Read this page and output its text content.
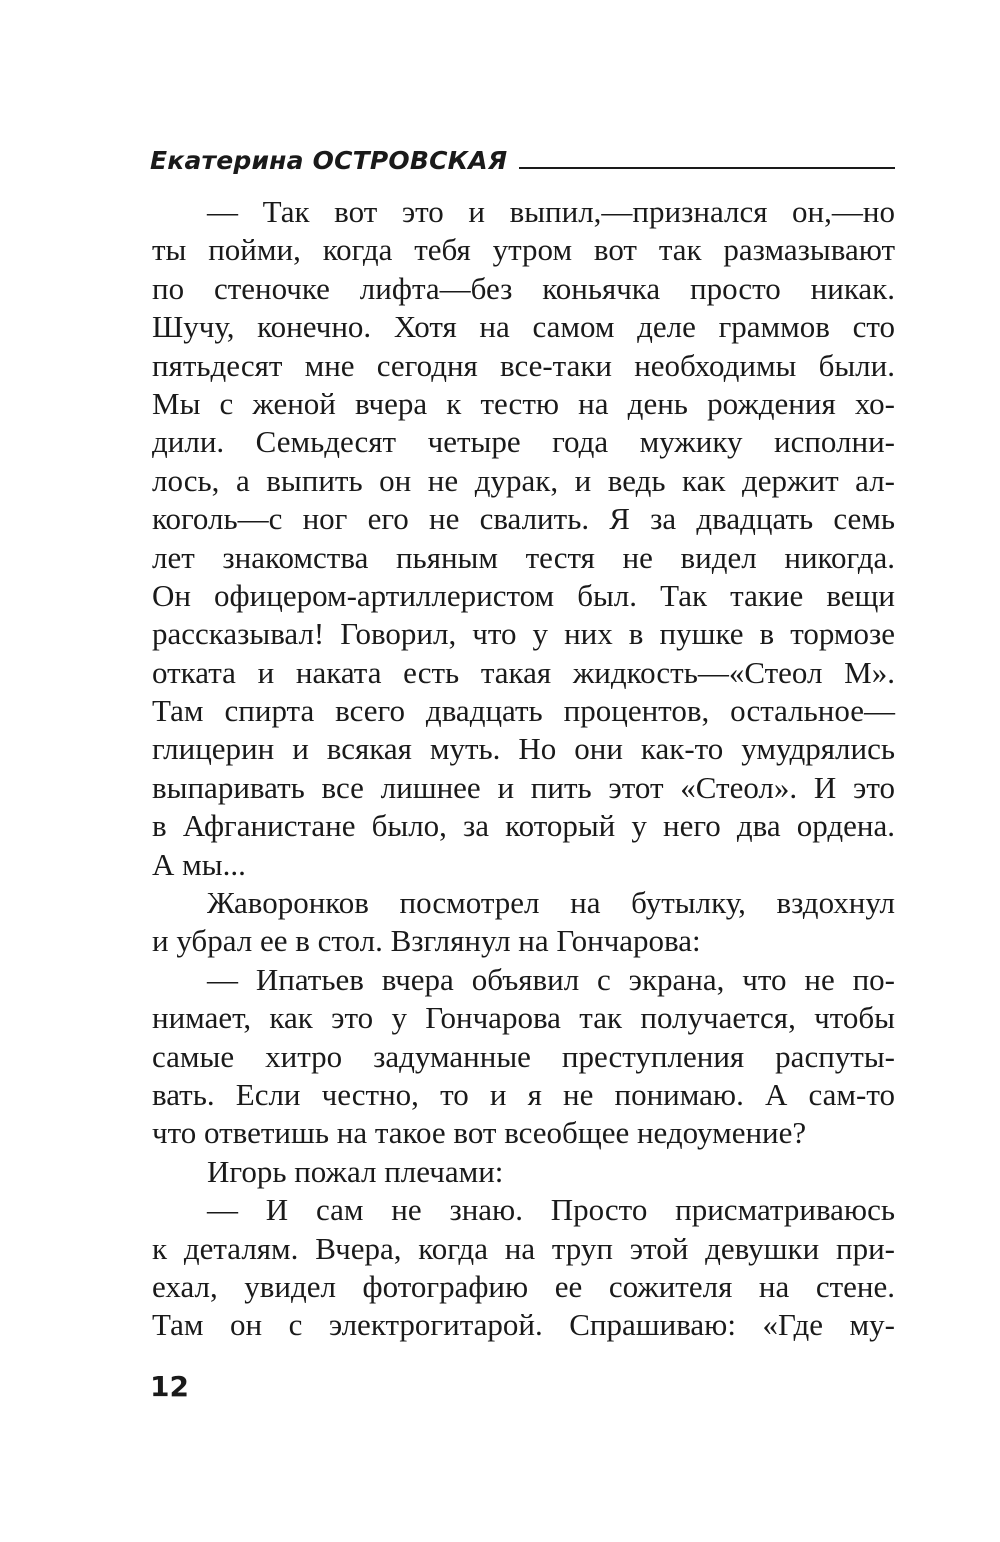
Екатерина ОСТРОВСКАЯ
— Так вот это и выпил,—признался он,—но
ты пойми, когда тебя утром вот так размазывают
по стеночке лифта—без коньячка просто никак.
Шучу, конечно. Хотя на самом деле граммов сто
пятьдесят мне сегодня все-таки необходимы были.
Мы с женой вчера к тестю на день рождения хо-
дили. Семьдесят четыре года мужику исполни-
лось, а выпить он не дурак, и ведь как держит ал-
коголь—с ног его не свалить. Я за двадцать семь
лет знакомства пьяным тестя не видел никогда.
Он офицером-артиллеристом был. Так такие вещи
рассказывал! Говорил, что у них в пушке в тормозе
отката и наката есть такая жидкость—«Стеол М».
Там спирта всего двадцать процентов, остальное—
глицерин и всякая муть. Но они как-то умудрялись
выпаривать все лишнее и пить этот «Стеол». И это
в Афганистане было, за который у него два ордена.
А мы...
Жаворонков посмотрел на бутылку, вздохнул
и убрал ее в стол. Взглянул на Гончарова:
— Ипатьев вчера объявил с экрана, что не по-
нимает, как это у Гончарова так получается, чтобы
самые хитро задуманные преступления распуты-
вать. Если честно, то и я не понимаю. А сам-то
что ответишь на такое вот всеобщее недоумение?
Игорь пожал плечами:
— И сам не знаю. Просто присматриваюсь
к деталям. Вчера, когда на труп этой девушки при-
ехал, увидел фотографию ее сожителя на стене.
Там он с электрогитарой. Спрашиваю: «Где му-
12
